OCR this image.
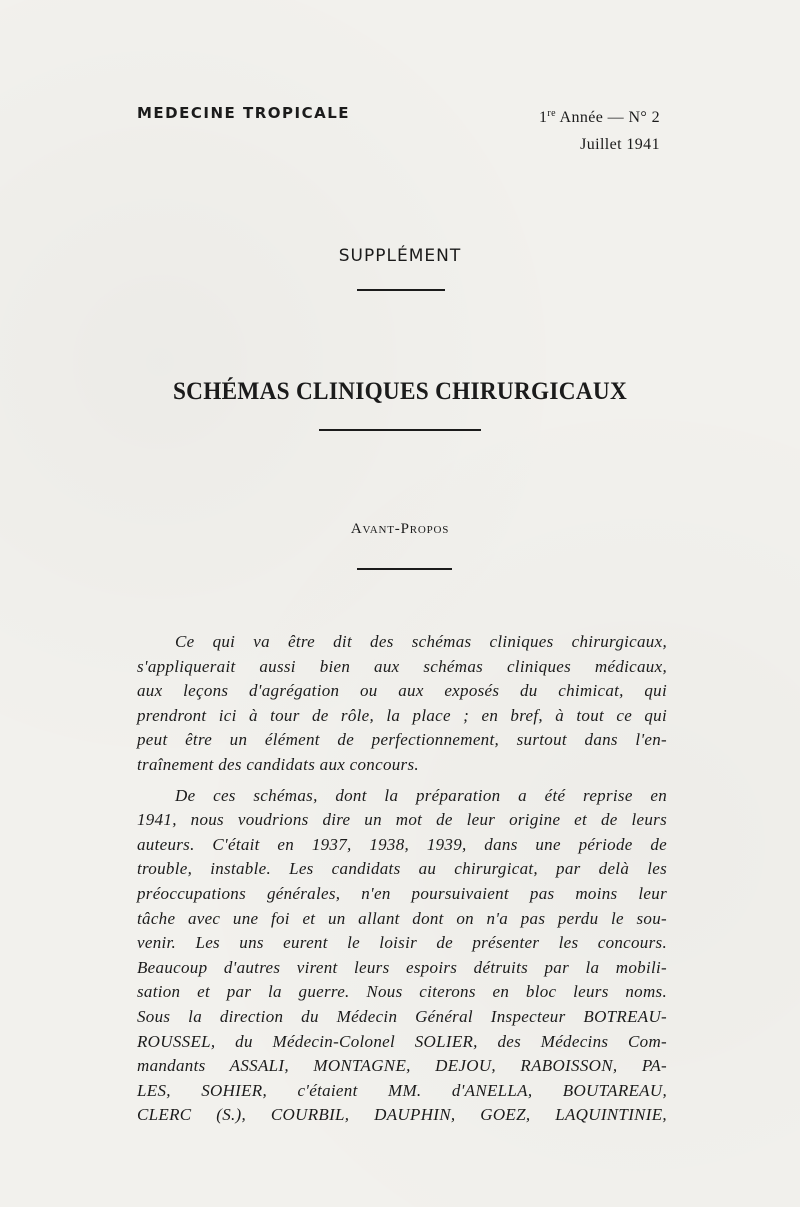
MEDECINE TROPICALE	1re Année — N° 2
Juillet 1941
SUPPLÉMENT
SCHÉMAS CLINIQUES CHIRURGICAUX
Avant-Propos
Ce qui va être dit des schémas cliniques chirurgicaux,
s'appliquerait aussi bien aux schémas cliniques médicaux,
aux leçons d'agrégation ou aux exposés du chimicat, qui
prendront ici à tour de rôle, la place ; en bref, à tout ce qui
peut être un élément de perfectionnement, surtout dans l'en-
traînement des candidats aux concours.
De ces schémas, dont la préparation a été reprise en
1941, nous voudrions dire un mot de leur origine et de leurs
auteurs. C'était en 1937, 1938, 1939, dans une période de
trouble, instable. Les candidats au chirurgicat, par delà les
préoccupations générales, n'en poursuivaient pas moins leur
tâche avec une foi et un allant dont on n'a pas perdu le sou-
venir. Les uns eurent le loisir de présenter les concours.
Beaucoup d'autres virent leurs espoirs détruits par la mobili-
sation et par la guerre. Nous citerons en bloc leurs noms.
Sous la direction du Médecin Général Inspecteur BOTREAU-
ROUSSEL, du Médecin-Colonel SOLIER, des Médecins Com-
mandants ASSALI, MONTAGNE, DEJOU, RABOISSON, PA-
LES, SOHIER, c'étaient MM. d'ANELLA, BOUTAREAU,
CLERC (S.), COURBIL, DAUPHIN, GOEZ, LAQUINTINIE,
